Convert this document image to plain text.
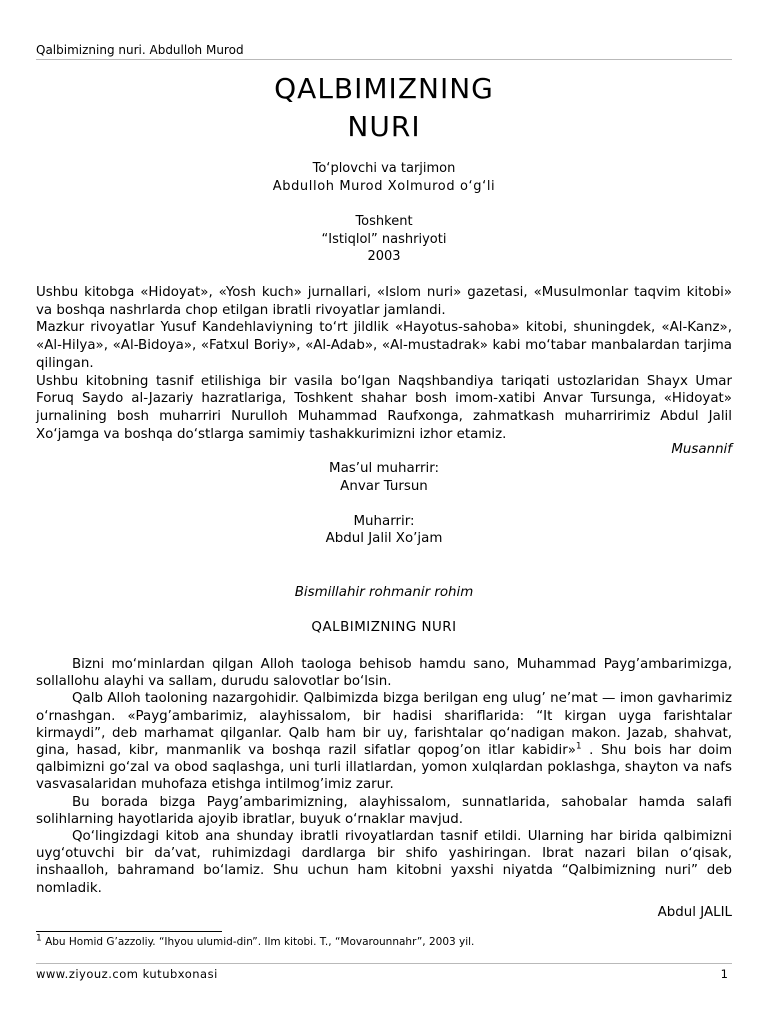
Qalbimizning nuri. Abdulloh Murod
QALBIMIZNING
NURI
To‘plovchi va tarjimon
Abdulloh Murod Xolmurod o‘g‘li
Toshkent
“Istiqlol” nashriyoti
2003

Ushbu kitobga «Hidoyat», «Yosh kuch» jurnallari, «Islom nuri» gazetasi, «Musulmonlar taqvim kitobi» va boshqa nashrlarda chop etilgan ibratli rivoyatlar jamlandi.

Mazkur rivoyatlar Yusuf Kandehlaviyning to‘rt jildlik «Hayotus-sahoba» kitobi, shuningdek, «Al-Kanz», «Al-Hilya», «Al-Bidoya», «Fatxul Boriy», «Al-Adab», «Al-mustadrak» kabi mo‘tabar manbalardan tarjima qilingan.

Ushbu kitobning tasnif etilishiga bir vasila bo‘lgan Naqshbandiya tariqati ustozlaridan Shayx Umar Foruq Saydo al-Jazariy hazratlariga, Toshkent shahar bosh imom-xatibi Anvar Tursunga, «Hidoyat» jurnalining bosh muharriri Nurulloh Muhammad Raufxonga, zahmatkash muharririmiz Abdul Jalil Xo‘jamga va boshqa do‘stlarga samimiy tashakkurimizni izhor etamiz.

Musannif
Mas’ul muharrir:
Anvar Tursun
Muharrir:
Abdul Jalil Xo’jam
Bismillahir rohmanir rohim
QALBIMIZNING NURI

Bizni mo‘minlardan qilgan Alloh taologa behisob hamdu sano, Muhammad Payg’ambarimizga, sollallohu alayhi va sallam, durudu salovotlar bo‘lsin.

Qalb Alloh taoloning nazargohidir. Qalbimizda bizga berilgan eng ulug’ ne’mat — imon gavharimiz o‘rnashgan. «Payg’ambarimiz, alayhissalom, bir hadisi shariflarida: “It kirgan uyga farishtalar kirmaydi”, deb marhamat qilganlar. Qalb ham bir uy, farishtalar qo‘nadigan makon. Jazab, shahvat, gina, hasad, kibr, manmanlik va boshqa razil sifatlar qopog’on itlar kabidir»$^1$ . Shu bois har doim qalbimizni go‘zal va obod saqlashga, uni turli illatlardan, yomon xulqlardan poklashga, shayton va nafs vasvasalaridan muhofaza etishga intilmog’imiz zarur.

Bu borada bizga Payg’ambarimizning, alayhissalom, sunnatlarida, sahobalar hamda salafi solihlarning hayotlarida ajoyib ibratlar, buyuk o‘rnaklar mavjud.

Qo‘lingizdagi kitob ana shunday ibratli rivoyatlardan tasnif etildi. Ularning har birida qalbimizni uyg‘otuvchi bir da’vat, ruhimizdagi dardlarga bir shifo yashiringan. Ibrat nazari bilan o‘qisak, inshaalloh, bahramand bo‘lamiz. Shu uchun ham kitobni yaxshi niyatda “Qalbimizning nuri” deb nomladik.

Abdul JALIL
1 Abu Homid G’azzoliy. “Ihyou ulumid-din”. Ilm kitobi. T., “Movarounnahr”, 2003 yil.
www.ziyouz.com kutubxonasi	1
